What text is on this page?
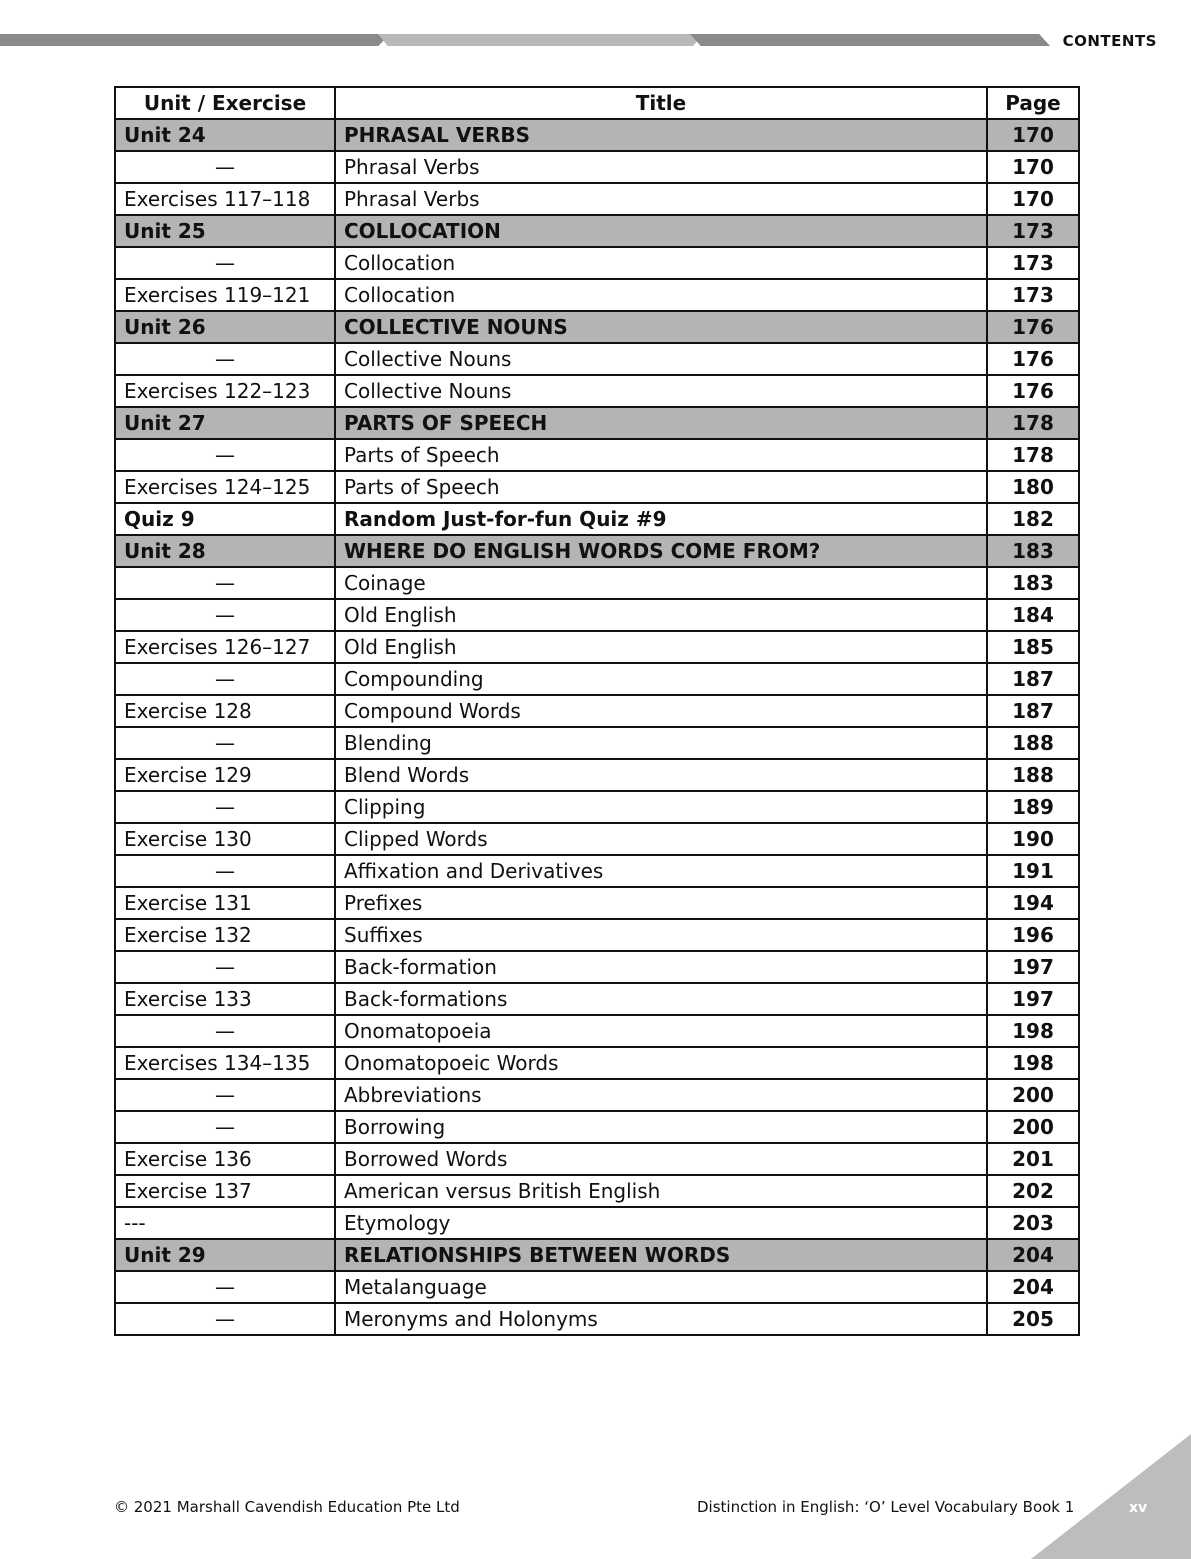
CONTENTS
Unit / Exercise	Title	Page
Unit 24	PHRASAL VERBS	170
—	Phrasal Verbs	170
Exercises 117–118	Phrasal Verbs	170
Unit 25	COLLOCATION	173
—	Collocation	173
Exercises 119–121	Collocation	173
Unit 26	COLLECTIVE NOUNS	176
—	Collective Nouns	176
Exercises 122–123	Collective Nouns	176
Unit 27	PARTS OF SPEECH	178
—	Parts of Speech	178
Exercises 124–125	Parts of Speech	180
Quiz 9	Random Just-for-fun Quiz #9	182
Unit 28	WHERE DO ENGLISH WORDS COME FROM?	183
—	Coinage	183
—	Old English	184
Exercises 126–127	Old English	185
—	Compounding	187
Exercise 128	Compound Words	187
—	Blending	188
Exercise 129	Blend Words	188
—	Clipping	189
Exercise 130	Clipped Words	190
—	Affixation and Derivatives	191
Exercise 131	Prefixes	194
Exercise 132	Suffixes	196
—	Back-formation	197
Exercise 133	Back-formations	197
—	Onomatopoeia	198
Exercises 134–135	Onomatopoeic Words	198
—	Abbreviations	200
—	Borrowing	200
Exercise 136	Borrowed Words	201
Exercise 137	American versus British English	202
---	Etymology	203
Unit 29	RELATIONSHIPS BETWEEN WORDS	204
—	Metalanguage	204
—	Meronyms and Holonyms	205
© 2021 Marshall Cavendish Education Pte Ltd	Distinction in English: ‘O’ Level Vocabulary Book 1	xv
